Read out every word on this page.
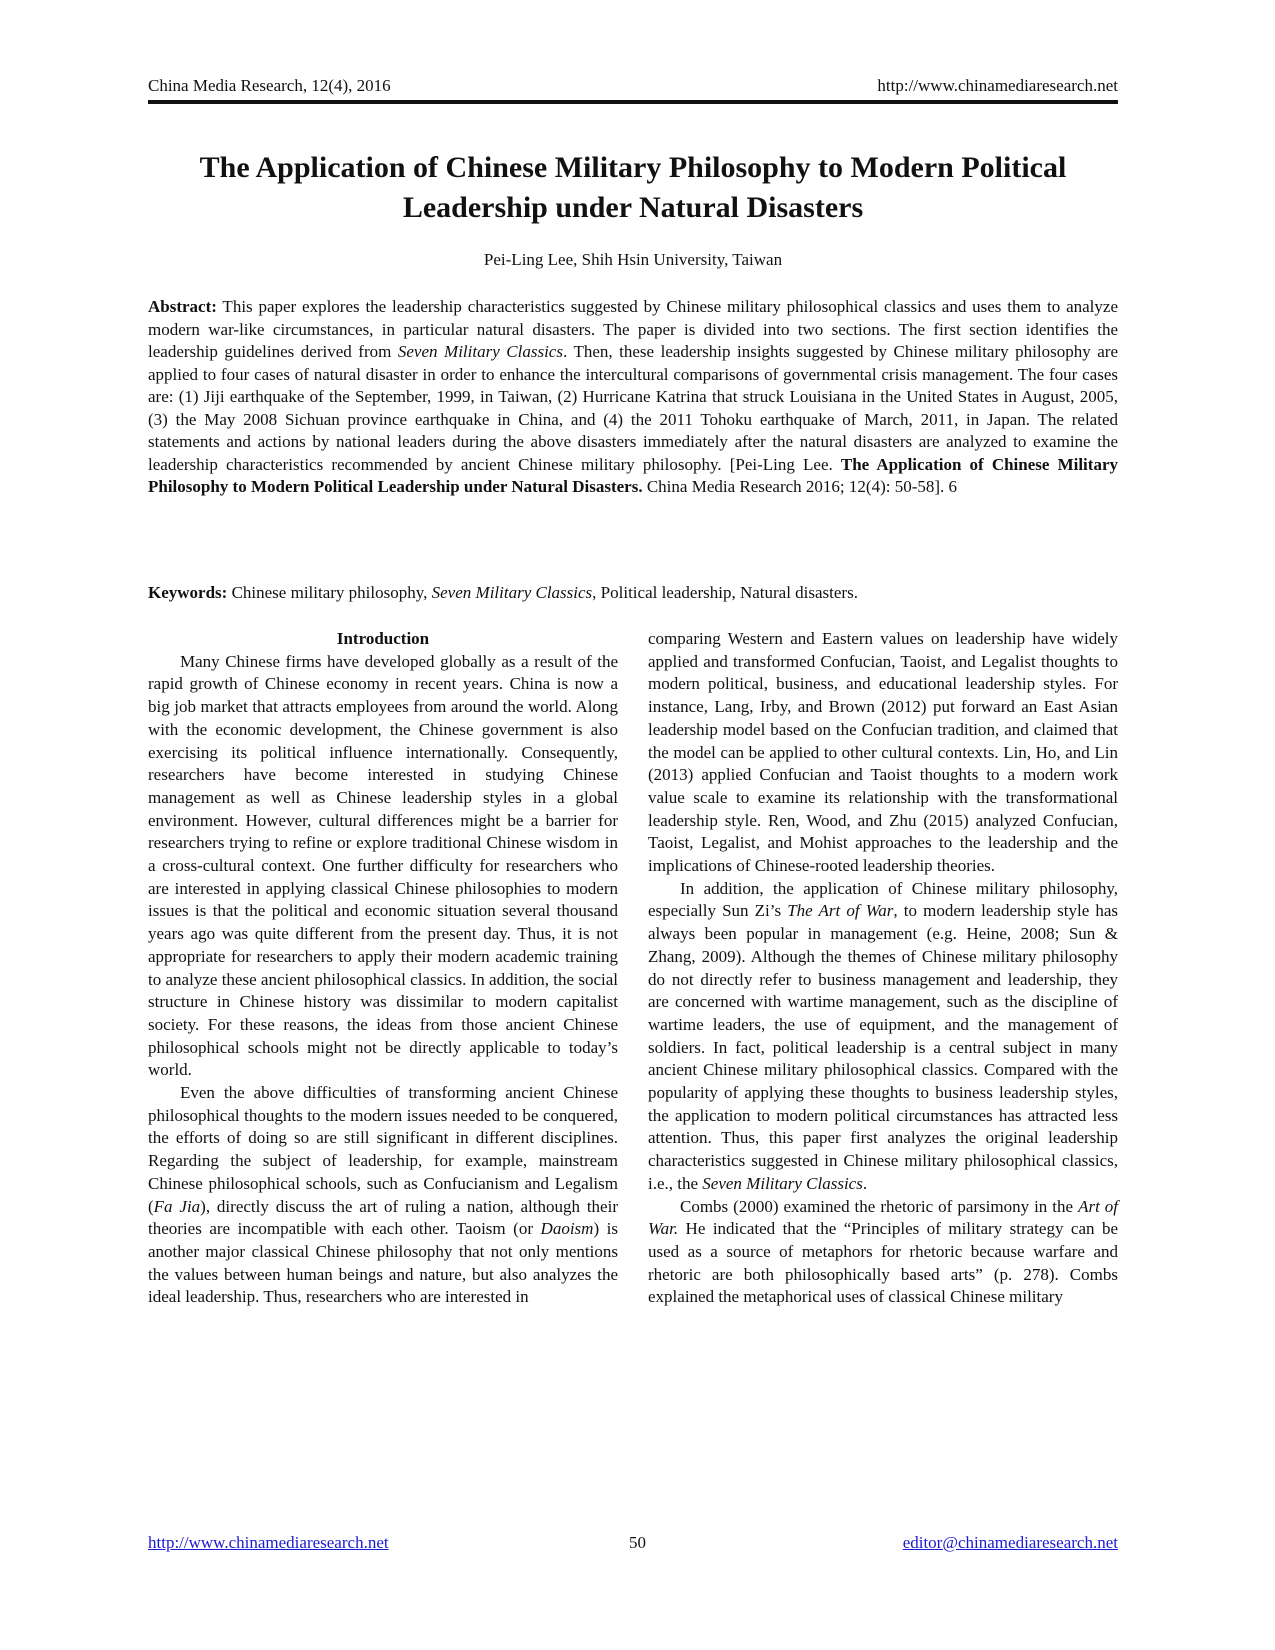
China Media Research, 12(4), 2016	http://www.chinamediaresearch.net
The Application of Chinese Military Philosophy to Modern Political Leadership under Natural Disasters
Pei-Ling Lee, Shih Hsin University, Taiwan

Abstract: This paper explores the leadership characteristics suggested by Chinese military philosophical classics and uses them to analyze modern war-like circumstances, in particular natural disasters. The paper is divided into two sections. The first section identifies the leadership guidelines derived from Seven Military Classics. Then, these leadership insights suggested by Chinese military philosophy are applied to four cases of natural disaster in order to enhance the intercultural comparisons of governmental crisis management. The four cases are: (1) Jiji earthquake of the September, 1999, in Taiwan, (2) Hurricane Katrina that struck Louisiana in the United States in August, 2005, (3) the May 2008 Sichuan province earthquake in China, and (4) the 2011 Tohoku earthquake of March, 2011, in Japan. The related statements and actions by national leaders during the above disasters immediately after the natural disasters are analyzed to examine the leadership characteristics recommended by ancient Chinese military philosophy. [Pei-Ling Lee. The Application of Chinese Military Philosophy to Modern Political Leadership under Natural Disasters. China Media Research 2016; 12(4): 50-58]. 6

Keywords: Chinese military philosophy, Seven Military Classics, Political leadership, Natural disasters.

Introduction

Many Chinese firms have developed globally as a result of the rapid growth of Chinese economy in recent years. China is now a big job market that attracts employees from around the world. Along with the economic development, the Chinese government is also exercising its political influence internationally. Consequently, researchers have become interested in studying Chinese management as well as Chinese leadership styles in a global environment. However, cultural differences might be a barrier for researchers trying to refine or explore traditional Chinese wisdom in a cross-cultural context. One further difficulty for researchers who are interested in applying classical Chinese philosophies to modern issues is that the political and economic situation several thousand years ago was quite different from the present day. Thus, it is not appropriate for researchers to apply their modern academic training to analyze these ancient philosophical classics. In addition, the social structure in Chinese history was dissimilar to modern capitalist society. For these reasons, the ideas from those ancient Chinese philosophical schools might not be directly applicable to today’s world.

Even the above difficulties of transforming ancient Chinese philosophical thoughts to the modern issues needed to be conquered, the efforts of doing so are still significant in different disciplines. Regarding the subject of leadership, for example, mainstream Chinese philosophical schools, such as Confucianism and Legalism (Fa Jia), directly discuss the art of ruling a nation, although their theories are incompatible with each other. Taoism (or Daoism) is another major classical Chinese philosophy that not only mentions the values between human beings and nature, but also analyzes the ideal leadership. Thus, researchers who are interested in

comparing Western and Eastern values on leadership have widely applied and transformed Confucian, Taoist, and Legalist thoughts to modern political, business, and educational leadership styles. For instance, Lang, Irby, and Brown (2012) put forward an East Asian leadership model based on the Confucian tradition, and claimed that the model can be applied to other cultural contexts. Lin, Ho, and Lin (2013) applied Confucian and Taoist thoughts to a modern work value scale to examine its relationship with the transformational leadership style. Ren, Wood, and Zhu (2015) analyzed Confucian, Taoist, Legalist, and Mohist approaches to the leadership and the implications of Chinese-rooted leadership theories.

In addition, the application of Chinese military philosophy, especially Sun Zi’s The Art of War, to modern leadership style has always been popular in management (e.g. Heine, 2008; Sun & Zhang, 2009). Although the themes of Chinese military philosophy do not directly refer to business management and leadership, they are concerned with wartime management, such as the discipline of wartime leaders, the use of equipment, and the management of soldiers. In fact, political leadership is a central subject in many ancient Chinese military philosophical classics. Compared with the popularity of applying these thoughts to business leadership styles, the application to modern political circumstances has attracted less attention. Thus, this paper first analyzes the original leadership characteristics suggested in Chinese military philosophical classics, i.e., the Seven Military Classics.

Combs (2000) examined the rhetoric of parsimony in the Art of War. He indicated that the “Principles of military strategy can be used as a source of metaphors for rhetoric because warfare and rhetoric are both philosophically based arts” (p. 278). Combs explained the metaphorical uses of classical Chinese military

http://www.chinamediaresearch.net	50	editor@chinamediaresearch.net
